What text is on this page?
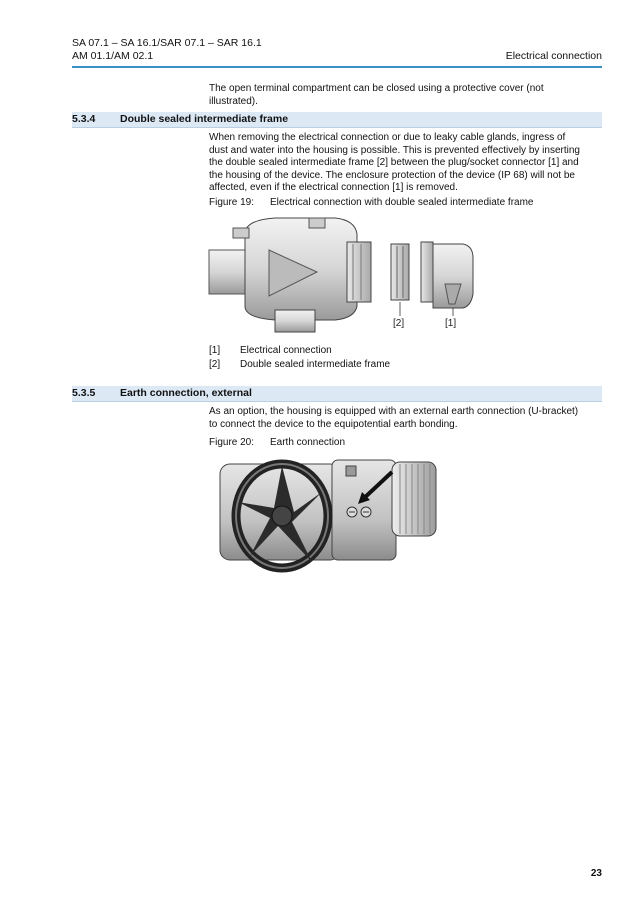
SA 07.1 – SA 16.1/SAR 07.1 – SAR 16.1
AM 01.1/AM 02.1	Electrical connection
The open terminal compartment can be closed using a protective cover (not
illustrated).
5.3.4 Double sealed intermediate frame
When removing the electrical connection or due to leaky cable glands, ingress of
dust and water into the housing is possible. This is prevented effectively by inserting
the double sealed intermediate frame [2] between the plug/socket connector [1] and
the housing of the device. The enclosure protection of the device (IP 68) will not be
affected, even if the electrical connection [1] is removed.
Figure 19: Electrical connection with double sealed intermediate frame
[2]	[1]
[1] Electrical connection
[2] Double sealed intermediate frame
5.3.5 Earth connection, external
As an option, the housing is equipped with an external earth connection (U-bracket)
to connect the device to the equipotential earth bonding.
Figure 20: Earth connection
23
